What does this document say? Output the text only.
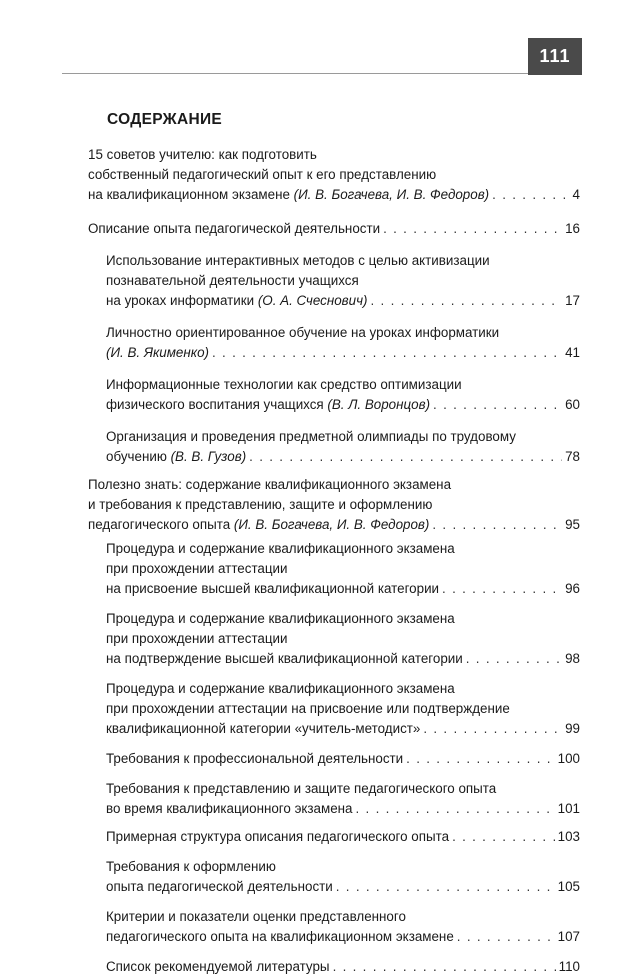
111
СОДЕРЖАНИЕ
15 советов учителю: как подготовить
собственный педагогический опыт к его представлению
на квалификационном экзамене (И. В. Богачева, И. В. Федоров) . . .	4
Описание опыта педагогической деятельности . . .	16
Использование интерактивных методов с целью активизации
познавательной деятельности учащихся
на уроках информатики (О. А. Счеснович) . . .	17
Личностно ориентированное обучение на уроках информатики
(И. В. Якименко) . . .	41
Информационные технологии как средство оптимизации
физического воспитания учащихся (В. Л. Воронцов) . . .	60
Организация и проведения предметной олимпиады по трудовому
обучению (В. В. Гузов) . . .	78
Полезно знать: содержание квалификационного экзамена
и требования к представлению, защите и оформлению
педагогического опыта (И. В. Богачева, И. В. Федоров) . . .	95
Процедура и содержание квалификационного экзамена
при прохождении аттестации
на присвоение высшей квалификационной категории . . .	96
Процедура и содержание квалификационного экзамена
при прохождении аттестации
на подтверждение высшей квалификационной категории . . .	98
Процедура и содержание квалификационного экзамена
при прохождении аттестации на присвоение или подтверждение
квалификационной категории «учитель-методист» . . .	99
Требования к профессиональной деятельности . . .	100
Требования к представлению и защите педагогического опыта
во время квалификационного экзамена . . .	101
Примерная структура описания педагогического опыта . . .	103
Требования к оформлению
опыта педагогической деятельности . . .	105
Критерии и показатели оценки представленного
педагогического опыта на квалификационном экзамене . . .	107
Список рекомендуемой литературы . . .	110
